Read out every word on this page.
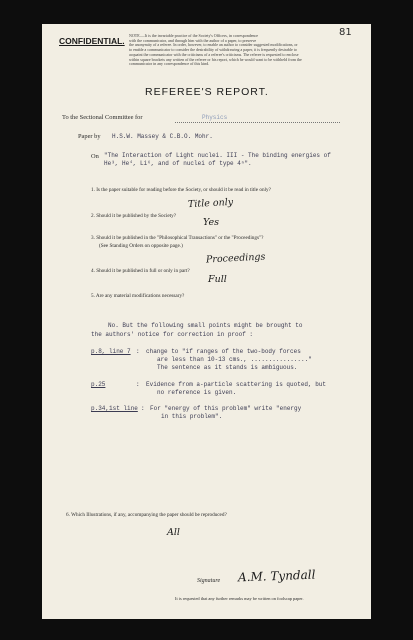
81
CONFIDENTIAL.
NOTE.—It is the invariable practice of the Society's Officers, in correspondence
with the communicator, and through him with the author of a paper, to preserve
the anonymity of a referee. In order, however, to enable an author to consider suggested modifications, or
to enable a communicator to consider the desirability of withdrawing a paper, it is frequently desirable to
acquaint the communicator with the criticisms of a referee's criticisms. The referee is requested to enclose
within square brackets any written of the referee or his report, which he would want to be withheld from the
communicator in any correspondence of this kind.
REFEREE'S REPORT.
To the Sectional Committee for	Physics
Paper by H.S.W. Massey & C.B.O. Mohr.
On "The Interaction of Light nuclei. III - The binding energies of
He³, He⁴, Li⁶, and of nuclei of type 4ⁿ".
1. Is the paper suitable for reading before the Society, or should it be read in title only?
Title only
2. Should it be published by the Society?
Yes
3. Should it be published in the "Philosophical Transactions" or the "Proceedings"?
(See Standing Orders on opposite page.)
Proceedings
4. Should it be published in full or only in part?
Full
5. Are any material modifications necessary?
No. But the following small points might be brought to
the authors' notice for correction in proof :
p.8, line 7 : change to "if ranges of the two-body forces
are less than 10-13 cms., ................"
The sentence as it stands is ambiguous.
p.25	: Evidence from a-particle scattering is quoted, but
no reference is given.
p.34,1st line : For "energy of this problem" write "energy
in this problem".
6. Which Illustrations, if any, accompanying the paper should be reproduced?
All
Signature A.M. Tyndall
It is requested that any further remarks may be written on foolscap paper.
